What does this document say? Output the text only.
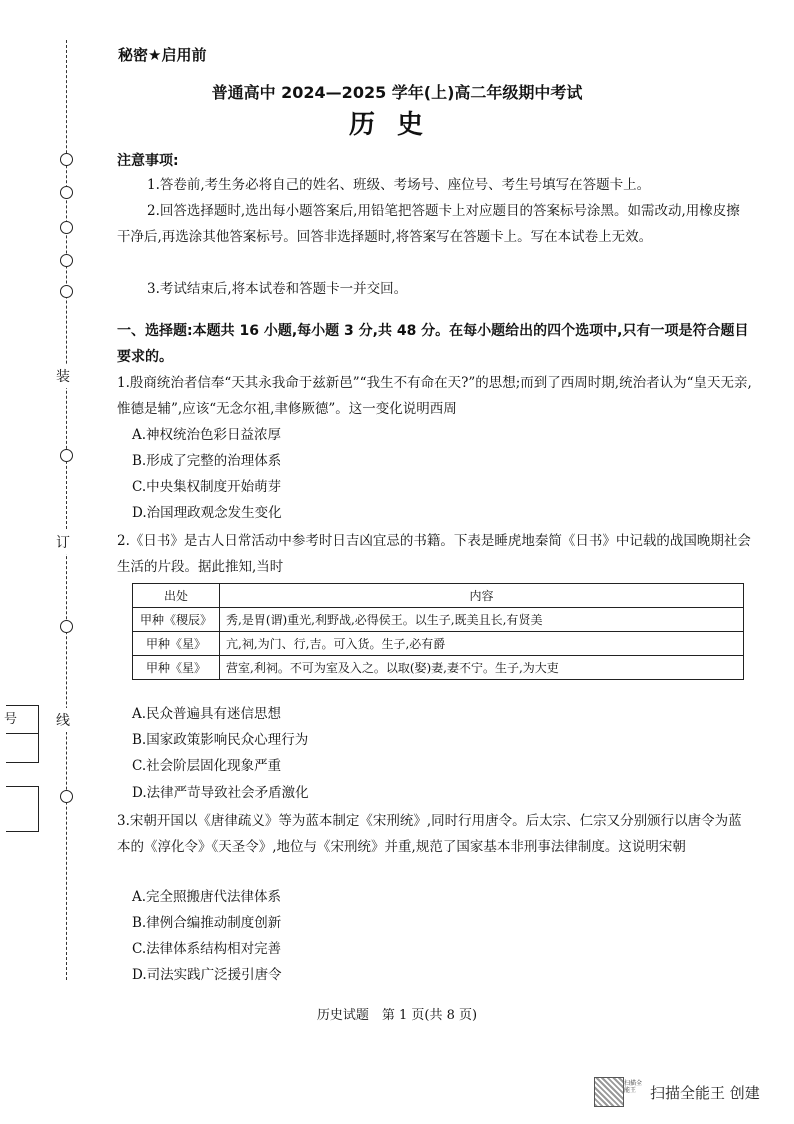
装
订
线
号
秘密★启用前
普通高中 2024—2025 学年(上)高二年级期中考试
历史
注意事项:
1.答卷前,考生务必将自己的姓名、班级、考场号、座位号、考生号填写在答题卡上。
2.回答选择题时,选出每小题答案后,用铅笔把答题卡上对应题目的答案标号涂黑。如需改动,用橡皮擦干净后,再选涂其他答案标号。回答非选择题时,将答案写在答题卡上。写在本试卷上无效。
3.考试结束后,将本试卷和答题卡一并交回。
一、选择题:本题共 16 小题,每小题 3 分,共 48 分。在每小题给出的四个选项中,只有一项是符合题目要求的。
1.殷商统治者信奉“天其永我命于兹新邑”“我生不有命在天?”的思想;而到了西周时期,统治者认为“皇天无亲,惟德是辅”,应该“无念尔祖,聿修厥德”。这一变化说明西周
A.神权统治色彩日益浓厚
B.形成了完整的治理体系
C.中央集权制度开始萌芽
D.治国理政观念发生变化
2.《日书》是古人日常活动中参考时日吉凶宜忌的书籍。下表是睡虎地秦简《日书》中记载的战国晚期社会生活的片段。据此推知,当时
出处	内容
甲种《稷辰》	秀,是胃(谓)重光,利野战,必得侯王。以生子,既美且长,有贤美
甲种《星》	亢,祠,为门、行,吉。可入货。生子,必有爵
甲种《星》	营室,利祠。不可为室及入之。以取(娶)妻,妻不宁。生子,为大吏
A.民众普遍具有迷信思想
B.国家政策影响民众心理行为
C.社会阶层固化现象严重
D.法律严苛导致社会矛盾激化
3.宋朝开国以《唐律疏义》等为蓝本制定《宋刑统》,同时行用唐令。后太宗、仁宗又分别颁行以唐令为蓝本的《淳化令》《天圣令》,地位与《宋刑统》并重,规范了国家基本非刑事法律制度。这说明宋朝
A.完全照搬唐代法律体系
B.律例合编推动制度创新
C.法律体系结构相对完善
D.司法实践广泛援引唐令
历史试题　第 1 页(共 8 页)
扫描全能王 扫描全能王 创建
